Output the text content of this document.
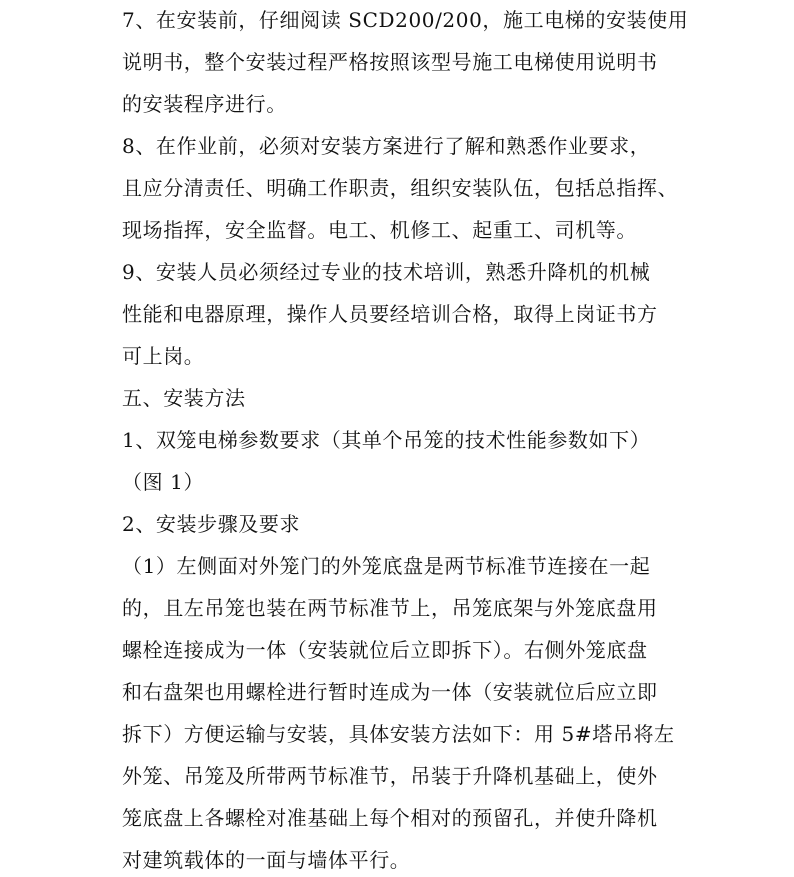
7、在安装前，仔细阅读 SCD200/200，施工电梯的安装使用
说明书，整个安装过程严格按照该型号施工电梯使用说明书
的安装程序进行。
8、在作业前，必须对安装方案进行了解和熟悉作业要求，
且应分清责任、明确工作职责，组织安装队伍，包括总指挥、
现场指挥，安全监督。电工、机修工、起重工、司机等。
9、安装人员必须经过专业的技术培训，熟悉升降机的机械
性能和电器原理，操作人员要经培训合格，取得上岗证书方
可上岗。
五、安装方法
1、双笼电梯参数要求（其单个吊笼的技术性能参数如下）
（图 1）
2、安装步骤及要求
（1）左侧面对外笼门的外笼底盘是两节标准节连接在一起
的，且左吊笼也装在两节标准节上，吊笼底架与外笼底盘用
螺栓连接成为一体（安装就位后立即拆下）。右侧外笼底盘
和右盘架也用螺栓进行暂时连成为一体（安装就位后应立即
拆下）方便运输与安装，具体安装方法如下：用 5#塔吊将左
外笼、吊笼及所带两节标准节，吊装于升降机基础上，使外
笼底盘上各螺栓对准基础上每个相对的预留孔，并使升降机
对建筑载体的一面与墙体平行。
